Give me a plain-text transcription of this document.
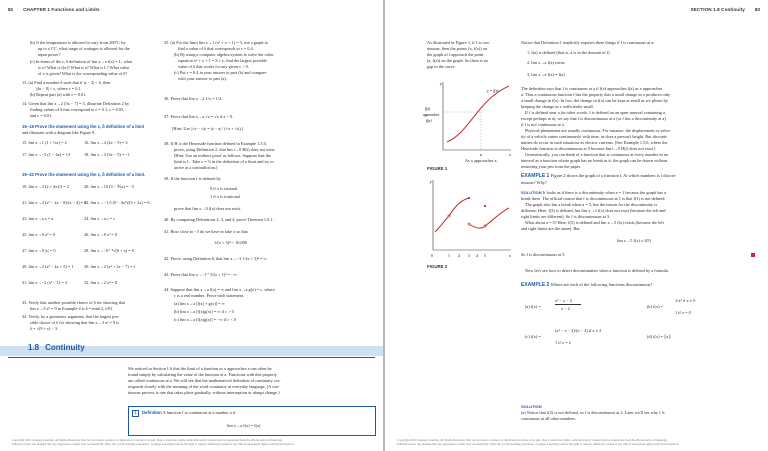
82 CHAPTER 1 Functions and Limits
(b) If the temperature is allowed to vary from 200°C by
up to ±1°C, what range of wattages is allowed for the
input power?
(c) In terms of the ε, δ definition of lim x→a f(x) = L, what
is x? What is f(x)? What is a? What is L? What value
of ε is given? What is the corresponding value of δ?
13. (a) Find a number δ such that if |x − 2| < δ, then
|4x − 8| < ε, where ε = 0.1.
(b) Repeat part (a) with ε = 0.01.
14. Given that lim x→2 (5x − 7) = 3, illustrate Definition 2 by
finding values of δ that correspond to ε = 0.1, ε = 0.05,
and ε = 0.01.
15–18 Prove the statement using the ε, δ definition of a limit
and illustrate with a diagram like Figure 9.
15. lim x→1 (1 + ⅓x) = 2	16. lim x→4 (2x − 5) = 3
17. lim x→−3 (1 − 4x) = 13	18. lim x→3 (3x − 5) = −1
19–32 Prove the statement using the ε, δ definition of a limit.
19. lim x→3 (2 + 4x)/3 = 2	20. lim x→10 (3 − ⅘x) = −5
21. lim x→4 (x² − 2x − 8)/(x − 4) = 6
22. lim x→−1.5 (9 − 4x²)/(3 + 2x) = 6
23. lim x→a x = a	24. lim x→a c = c
25. lim x→0 x² = 0	26. lim x→0 x³ = 0
27. lim x→0 |x| = 0	28. lim x→−6⁺ ⁸√(6 + x) = 0
29. lim x→2 (x² − 4x + 5) = 1 30. lim x→2 (x² + 2x − 7) = 1
31. lim x→−2 (x² − 1) = 3	32. lim x→2 x³ = 8
33. Verify that another possible choice of δ for showing that
lim x→3 x² = 9 in Example 4 is δ = min{2, ε/8}.
34. Verify, by a geometric argument, that the largest pos-
sible choice of δ for showing that lim x→3 x² = 9 is
δ = √(9 + ε) − 3.
35. (a) For the limit lim x→1 (x³ + x + 1) = 3, use a graph to
find a value of δ that corresponds to ε = 0.4.
(b) By using a computer algebra system to solve the cubic
equation x³ + x + 1 = 3 + ε, find the largest possible
value of δ that works for any given ε > 0.
(c) Put ε = 0.4 in your answer to part (b) and compare
with your answer to part (a).
36. Prove that lim x→2 1/x = 1/2.
37. Prove that lim x→a √x = √a if a > 0.
[Hint: Use |√x − √a| = |x − a| / (√x + √a).]
38. If H is the Heaviside function defined in Example 1.5.6,
prove, using Definition 2, that lim t→0 H(t) does not exist.
[Hint: Use an indirect proof as follows. Suppose that the
limit is L. Take ε = ½ in the definition of a limit and try to
arrive at a contradiction.]
39. If the function f is defined by
0 if x is rational
1 if x is irrational
prove that lim x→0 f(x) does not exist.
40. By comparing Definitions 2, 3, and 4, prove Theorem 1.6.1.
41. How close to −3 do we have to take x so that
1/(x + 3)⁴ > 10,000
42. Prove, using Definition 6, that lim x→−3 1/(x + 3)⁴ = ∞.
43. Prove that lim x→−1⁺ 5/(x + 1)³ = −∞.
44. Suppose that lim x→a f(x) = ∞ and lim x→a g(x) = c, where
c is a real number. Prove each statement.
(a) lim x→a [f(x) + g(x)] = ∞
(b) lim x→a [f(x)g(x)] = ∞ if c > 0
(c) lim x→a [f(x)g(x)] = −∞ if c < 0
1.8 Continuity
We noticed in Section 1.6 that the limit of a function as x approaches a can often be
found simply by calculating the value of the function at a. Functions with this property
are called continuous at a. We will see that the mathematical definition of continuity cor-
responds closely with the meaning of the word continuity in everyday language. (A con-
tinuous process is one that takes place gradually, without interruption or abrupt change.)
1 Definition A function f is continuous at a number a if
lim x→a f(x) = f(a)
Copyright 2016 Cengage Learning. All Rights Reserved. May not be copied, scanned, or duplicated, in whole or in part. Due to electronic rights, some third party content may be suppressed from the eBook and/or eChapter(s).
Editorial review has deemed that any suppressed content does not materially affect the overall learning experience. Cengage Learning reserves the right to remove additional content at any time if subsequent rights restrictions require it.
SECTION 1.8 Continuity 83
As illustrated in Figure 1, if f is con-
tinuous, then the points (x, f(x)) on
the graph of f approach the point
(a, f(a)) on the graph. So there is no
gap in the curve.
y
y = f(x)
f(x)
approaches
f(a)
a	x
As x approaches a,
FIGURE 1
0	1 2 3 4 5
y
x
FIGURE 2
Notice that Definition 1 implicitly requires three things if f is continuous at a:
1. f(a) is defined (that is, a is in the domain of f)
2. lim x→a f(x) exists
3. lim x→a f(x) = f(a)
The definition says that f is continuous at a if f(x) approaches f(a) as x approaches
a. Thus a continuous function f has the property that a small change in x produces only
a small change in f(x). In fact, the change in f(x) can be kept as small as we please by
keeping the change in x sufficiently small.
If f is defined near a (in other words, f is defined on an open interval containing a,
except perhaps at a), we say that f is discontinuous at a (or f has a discontinuity at a)
if f is not continuous at a.
Physical phenomena are usually continuous. For instance, the displacement or veloc-
ity of a vehicle varies continuously with time, as does a person's height. But disconti-
nuities do occur in such situations as electric currents. [See Example 1.5.6, where the
Heaviside function is discontinuous at 0 because lim t→0 H(t) does not exist.]
Geometrically, you can think of a function that is continuous at every number in an
interval as a function whose graph has no break in it: the graph can be drawn without
removing your pen from the paper.
EXAMPLE 1 Figure 2 shows the graph of a function f. At which numbers is f discon-
tinuous? Why?
SOLUTION It looks as if there is a discontinuity when a = 1 because the graph has a
break there. The official reason that f is discontinuous at 1 is that f(1) is not defined.
The graph also has a break when a = 3, but the reason for the discontinuity is
different. Here, f(3) is defined, but lim x→3 f(x) does not exist (because the left and
right limits are different). So f is discontinuous at 3.
What about a = 5? Here, f(5) is defined and lim x→5 f(x) exists (because the left
and right limits are the same). But
lim x→5 f(x) ≠ f(5)
So f is discontinuous at 5.
Now let's see how to detect discontinuities when a function is defined by a formula.
EXAMPLE 2 Where are each of the following functions discontinuous?
(a) f(x) =
x² − x − 2
x − 2	(b) f(x) =
1/x² if x ≠ 0
1 if x = 0
(c) f(x) =
(x² − x − 2)/(x − 2) if x ≠ 2
1 if x = 2
(d) f(x) = ⟦x⟧
SOLUTION
(a) Notice that f(2) is not defined, so f is discontinuous at 2. Later we'll see why f is
continuous at all other numbers.
Copyright 2016 Cengage Learning. All Rights Reserved. May not be copied, scanned, or duplicated, in whole or in part. Due to electronic rights, some third party content may be suppressed from the eBook and/or eChapter(s).
Editorial review has deemed that any suppressed content does not materially affect the overall learning experience. Cengage Learning reserves the right to remove additional content at any time if subsequent rights restrictions require it.
